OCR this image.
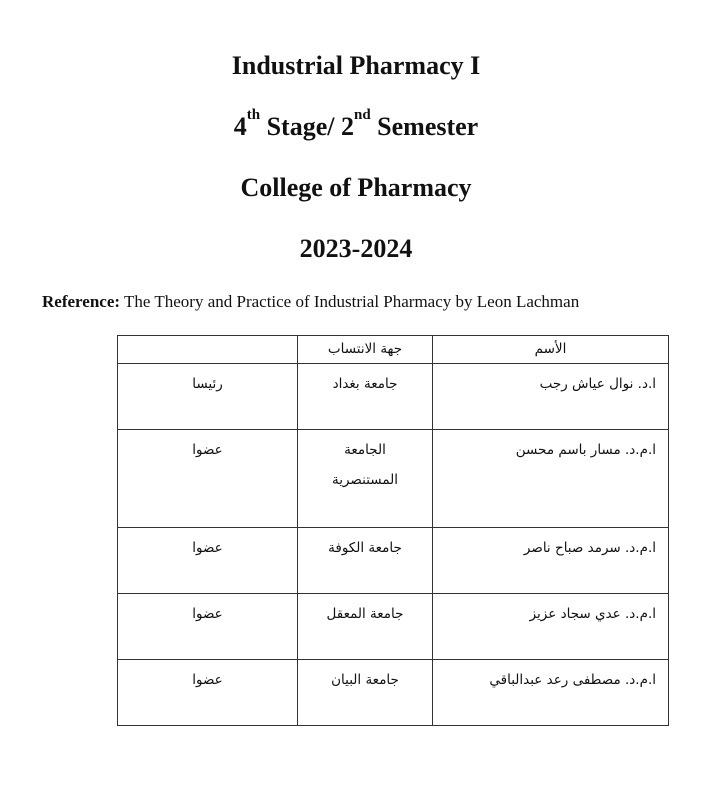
Industrial Pharmacy I
4th Stage/ 2nd Semester
College of Pharmacy
2023-2024
Reference: The Theory and Practice of Industrial Pharmacy by Leon Lachman
	جهة الانتساب	الأسم
رئيسا	جامعة بغداد	ا.د. نوال عياش رجب
عضوا	الجامعة المستنصرية	ا.م.د. مسار باسم محسن
عضوا	جامعة الكوفة	ا.م.د. سرمد صباح ناصر
عضوا	جامعة المعقل	ا.م.د. عدي سجاد عزيز
عضوا	جامعة البيان	ا.م.د. مصطفى رعد عبدالباقي
